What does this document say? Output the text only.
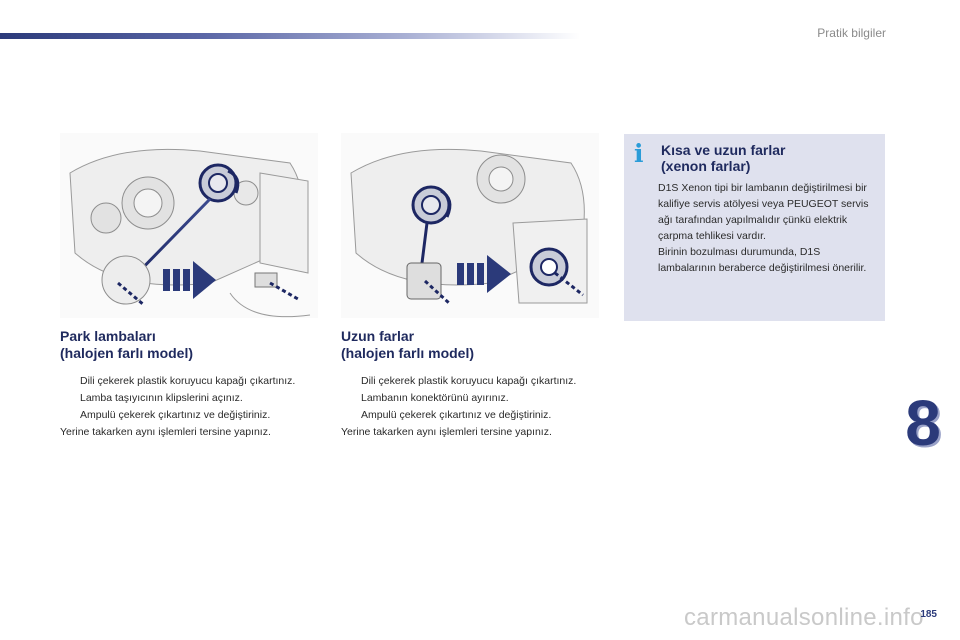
Pratik bilgiler
Park lambaları
(halojen farlı model)
Dili çekerek plastik koruyucu kapağı çıkartınız.
Lamba taşıyıcının klipslerini açınız.
Ampulü çekerek çıkartınız ve değiştiriniz.

Yerine takarken aynı işlemleri tersine yapınız.

Uzun farlar
(halojen farlı model)
Dili çekerek plastik koruyucu kapağı çıkartınız.
Lambanın konektörünü ayırınız.
Ampulü çekerek çıkartınız ve değiştiriniz.

Yerine takarken aynı işlemleri tersine yapınız.

i Kısa ve uzun farlar
(xenon farlar)

D1S Xenon tipi bir lambanın değiştirilmesi bir kalifiye servis atölyesi veya PEUGEOT servis ağı tarafından yapılmalıdır çünkü elektrik çarpma tehlikesi vardır.

Birinin bozulması durumunda, D1S lambalarının beraberce değiştirilmesi önerilir.

8
carmanualsonline.info
185
